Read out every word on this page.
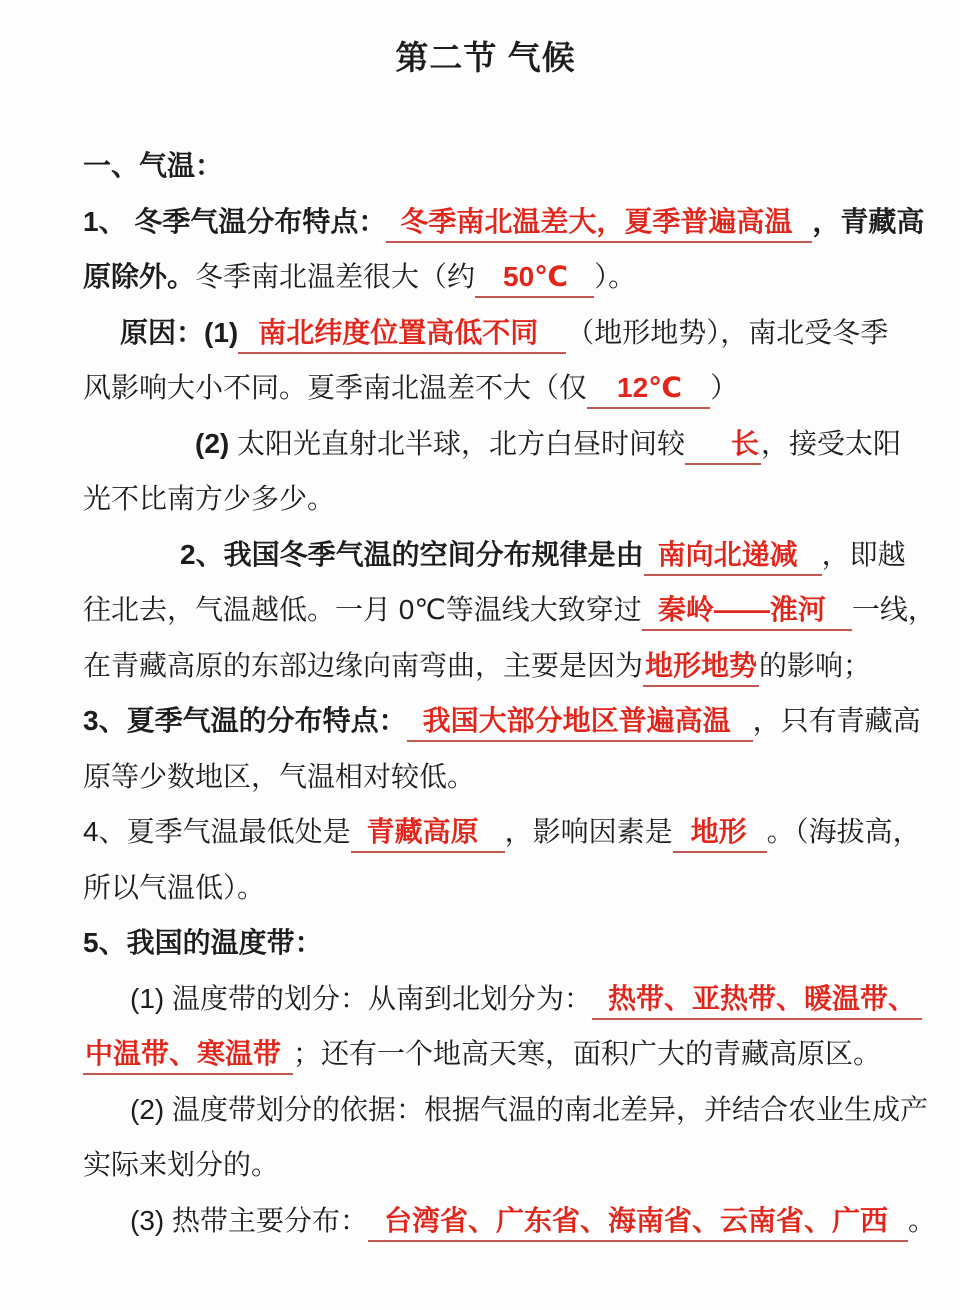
第二节 气候
一、气温：
1、 冬季气温分布特点： 冬季南北温差大，夏季普遍高温 ，青藏高
原除外。冬季南北温差很大（约 50℃ ）。
原因：(1) 南北纬度位置高低不同 （地形地势），南北受冬季
风影响大小不同。夏季南北温差不大（仅 12℃ ）
(2) 太阳光直射北半球，北方白昼时间较 长，接受太阳
光不比南方少多少。
2、我国冬季气温的空间分布规律是由 南向北递减 ，即越
往北去，气温越低。一月 0℃等温线大致穿过 秦岭——淮河 一线，
在青藏高原的东部边缘向南弯曲，主要是因为地形地势的影响；
3、夏季气温的分布特点： 我国大部分地区普遍高温 ，只有青藏高
原等少数地区，气温相对较低。
4、夏季气温最低处是 青藏高原 ，影响因素是 地形 。（海拔高，
所以气温低）。
5、我国的温度带：
(1) 温度带的划分：从南到北划分为： 热带、亚热带、暖温带、
中温带、寒温带 ；还有一个地高天寒，面积广大的青藏高原区。
(2) 温度带划分的依据：根据气温的南北差异，并结合农业生成产
实际来划分的。
(3) 热带主要分布： 台湾省、广东省、海南省、云南省、广西 。
